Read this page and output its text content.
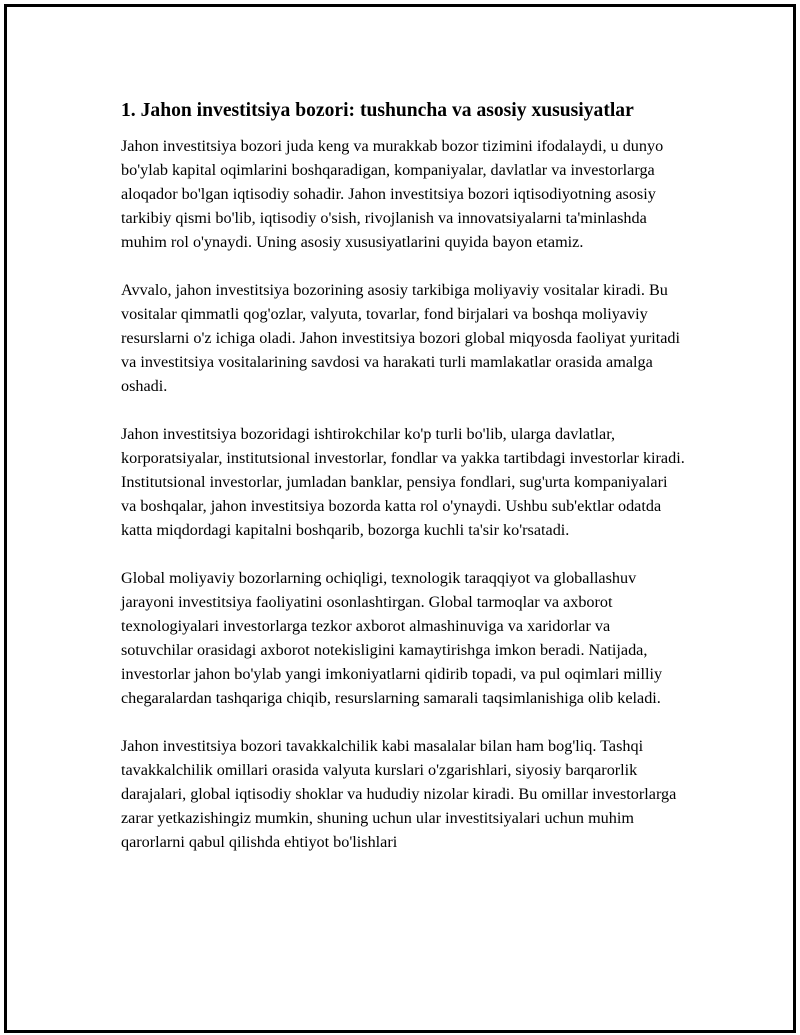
1. Jahon investitsiya bozori: tushuncha va asosiy xususiyatlar

Jahon investitsiya bozori juda keng va murakkab bozor tizimini ifodalaydi, u dunyo bo'ylab kapital oqimlarini boshqaradigan, kompaniyalar, davlatlar va investorlarga aloqador bo'lgan iqtisodiy sohadir. Jahon investitsiya bozori iqtisodiyotning asosiy tarkibiy qismi bo'lib, iqtisodiy o'sish, rivojlanish va innovatsiyalarni ta'minlashda muhim rol o'ynaydi. Uning asosiy xususiyatlarini quyida bayon etamiz.

Avvalo, jahon investitsiya bozorining asosiy tarkibiga moliyaviy vositalar kiradi. Bu vositalar qimmatli qog'ozlar, valyuta, tovarlar, fond birjalari va boshqa moliyaviy resurslarni o'z ichiga oladi. Jahon investitsiya bozori global miqyosda faoliyat yuritadi va investitsiya vositalarining savdosi va harakati turli mamlakatlar orasida amalga oshadi.

Jahon investitsiya bozoridagi ishtirokchilar ko'p turli bo'lib, ularga davlatlar, korporatsiyalar, institutsional investorlar, fondlar va yakka tartibdagi investorlar kiradi. Institutsional investorlar, jumladan banklar, pensiya fondlari, sug'urta kompaniyalari va boshqalar, jahon investitsiya bozorda katta rol o'ynaydi. Ushbu sub'ektlar odatda katta miqdordagi kapitalni boshqarib, bozorga kuchli ta'sir ko'rsatadi.

Global moliyaviy bozorlarning ochiqligi, texnologik taraqqiyot va globallashuv jarayoni investitsiya faoliyatini osonlashtirgan. Global tarmoqlar va axborot texnologiyalari investorlarga tezkor axborot almashinuviga va xaridorlar va sotuvchilar orasidagi axborot notekisligini kamaytirishga imkon beradi. Natijada, investorlar jahon bo'ylab yangi imkoniyatlarni qidirib topadi, va pul oqimlari milliy chegaralardan tashqariga chiqib, resurslarning samarali taqsimlanishiga olib keladi.

Jahon investitsiya bozori tavakkalchilik kabi masalalar bilan ham bog'liq. Tashqi tavakkalchilik omillari orasida valyuta kurslari o'zgarishlari, siyosiy barqarorlik darajalari, global iqtisodiy shoklar va hududiy nizolar kiradi. Bu omillar investorlarga zarar yetkazishingiz mumkin, shuning uchun ular investitsiyalari uchun muhim qarorlarni qabul qilishda ehtiyot bo'lishlari
